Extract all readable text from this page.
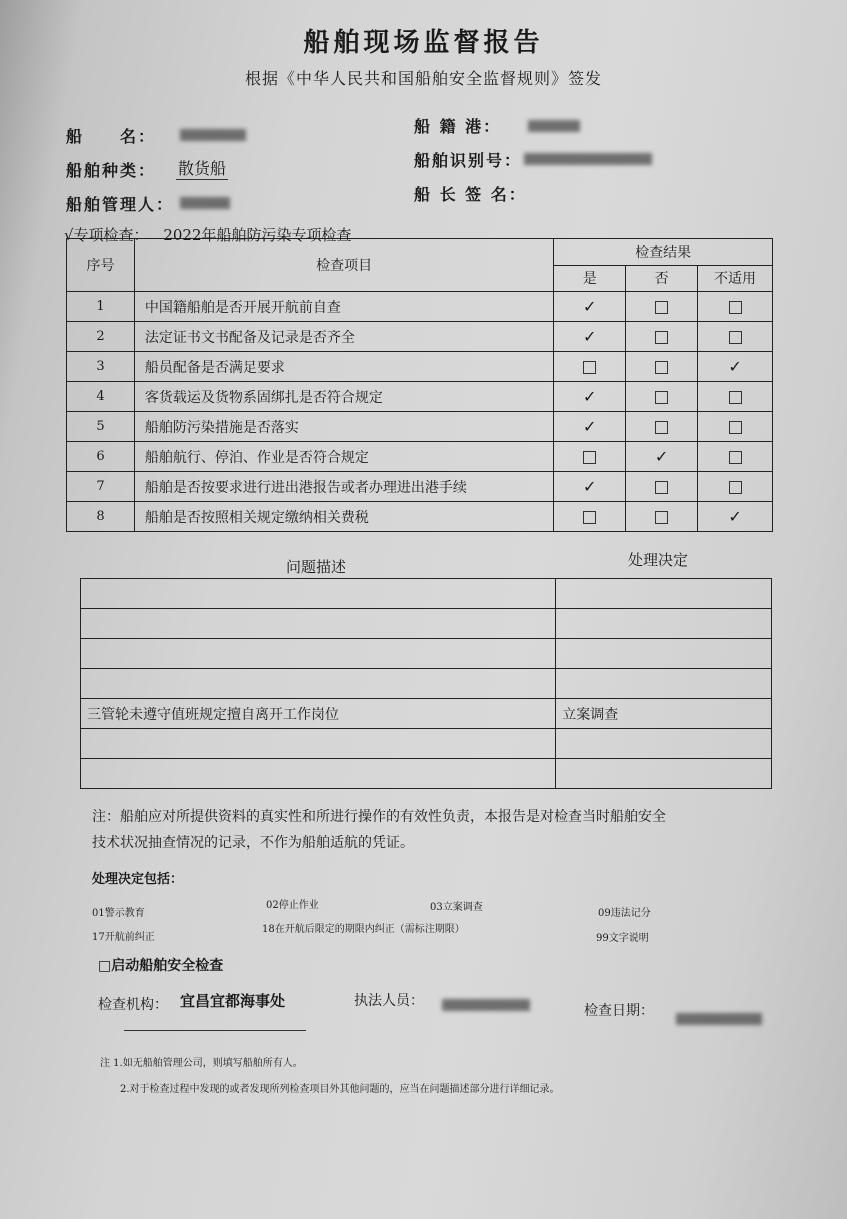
船舶现场监督报告
根据《中华人民共和国船舶安全监督规则》签发
船　　名：
船舶种类： 散货船
船舶管理人：
船 籍 港：
船舶识别号：
船 长 签 名：
√专项检查： 2022年船舶防污染专项检查
序号	检查项目	检查结果		
		是	否	不适用
1	中国籍船舶是否开展开航前自查	✓		
2	法定证书文书配备及记录是否齐全	✓		
3	船员配备是否满足要求			✓
4	客货载运及货物系固绑扎是否符合规定	✓		
5	船舶防污染措施是否落实	✓		
6	船舶航行、停泊、作业是否符合规定		✓	
7	船舶是否按要求进行进出港报告或者办理进出港手续	✓		
8	船舶是否按照相关规定缴纳相关费税			✓
问题描述	处理决定

三管轮未遵守值班规定擅自离开工作岗位	立案调查

注：船舶应对所提供资料的真实性和所进行操作的有效性负责，本报告是对检查当时船舶安全
技术状况抽查情况的记录，不作为船舶适航的凭证。
处理决定包括：
01警示教育
02停止作业	03立案调查
09违法记分
17开航前纠正
18在开航后限定的期限内纠正（需标注期限）
99文字说明
□启动船舶安全检查
检查机构： 宜昌宜都海事处	执法人员：
检查日期：
注 1.如无船舶管理公司，则填写船舶所有人。
2.对于检查过程中发现的或者发现所列检查项目外其他问题的，应当在问题描述部分进行详细记录。
